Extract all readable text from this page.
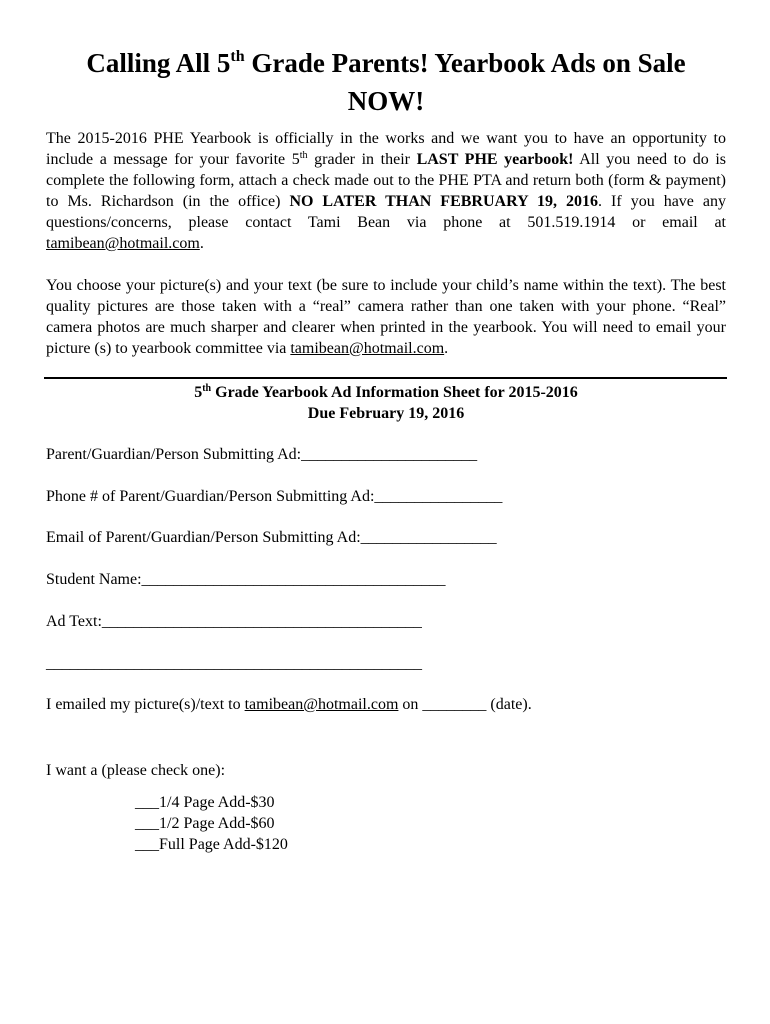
Calling All 5th Grade Parents! Yearbook Ads on Sale NOW!

The 2015-2016 PHE Yearbook is officially in the works and we want you to have an opportunity to include a message for your favorite 5th grader in their LAST PHE yearbook! All you need to do is complete the following form, attach a check made out to the PHE PTA and return both (form & payment) to Ms. Richardson (in the office) NO LATER THAN FEBRUARY 19, 2016. If you have any questions/concerns, please contact Tami Bean via phone at 501.519.1914 or email at tamibean@hotmail.com.

You choose your picture(s) and your text (be sure to include your child’s name within the text). The best quality pictures are those taken with a “real” camera rather than one taken with your phone. “Real” camera photos are much sharper and clearer when printed in the yearbook. You will need to email your picture (s) to yearbook committee via tamibean@hotmail.com.

5th Grade Yearbook Ad Information Sheet for 2015-2016
Due February 19, 2016
Parent/Guardian/Person Submitting Ad:______________________
Phone # of Parent/Guardian/Person Submitting Ad:________________
Email of Parent/Guardian/Person Submitting Ad:_________________
Student Name:______________________________________
Ad Text:________________________________________
_______________________________________________
I emailed my picture(s)/text to tamibean@hotmail.com on ________ (date).
I want a (please check one):
___1/4 Page Add-$30
___1/2 Page Add-$60
___Full Page Add-$120
